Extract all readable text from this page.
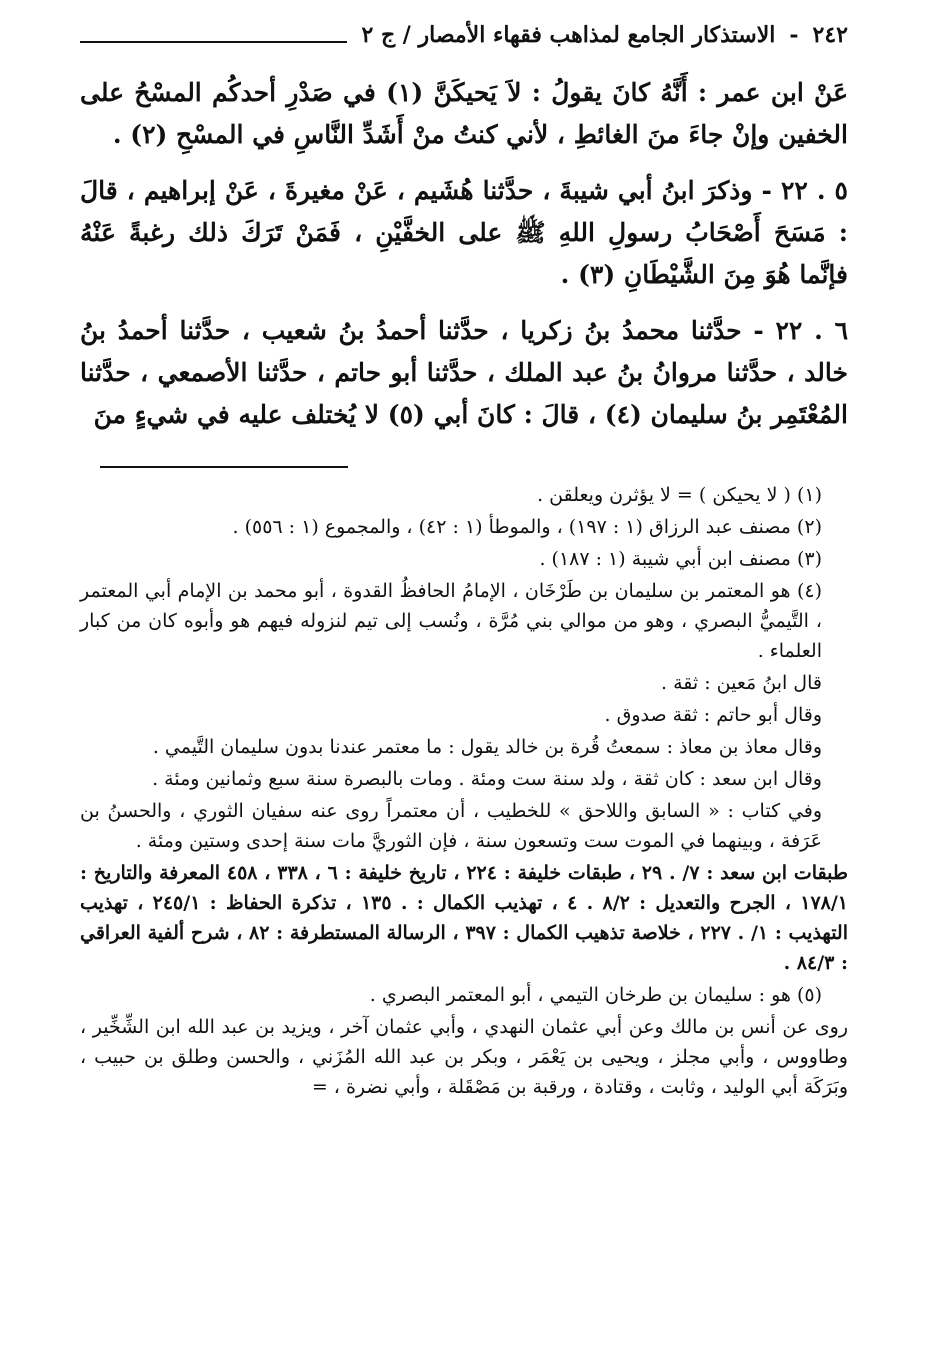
٢٤٢
-
الاستذكار الجامع لمذاهب فقهاء الأمصار / ج ٢

عَنْ ابن عمر : أَنَّهُ كانَ يقولُ : لاَ يَحيكَنَّ (١) في صَدْرِ أحدكُم المسْحُ على الخفين وإنْ جاءَ منَ الغائطِ ، لأني كنتُ منْ أَشَدِّ النَّاسِ في المسْحِ (٢) .

٥ . ٢٢ - وذكرَ ابنُ أبي شيبةَ ، حدَّثنا هُشَيم ، عَنْ مغيرةَ ، عَنْ إبراهيم ، قالَ : مَسَحَ أَصْحَابُ رسولِ اللهِ ﷺ على الخفَّيْنِ ، فَمَنْ تَرَكَ ذلك رغبةً عَنْهُ فإنَّما هُوَ مِنَ الشَّيْطَانِ (٣) .

٦ . ٢٢ - حدَّثنا محمدُ بنُ زكريا ، حدَّثنا أحمدُ بنُ شعيب ، حدَّثنا أحمدُ بنُ خالد ، حدَّثنا مروانُ بنُ عبد الملك ، حدَّثنا أبو حاتم ، حدَّثنا الأصمعي ، حدَّثنا المُعْتَمِر بنُ سليمان (٤) ، قالَ : كانَ أبي (٥) لا يُختلف عليه في شيءٍ منَ

(١) ( لا يحيكن ) = لا يؤثرن ويعلقن .

(٢) مصنف عبد الرزاق (١ : ١٩٧) ، والموطأ (١ : ٤٢) ، والمجموع (١ : ٥٥٦) .

(٣) مصنف ابن أبي شيبة (١ : ١٨٧) .

(٤) هو المعتمر بن سليمان بن طَرْخَان ، الإمامُ الحافظُ القدوة ، أبو محمد بن الإمام أبي المعتمر ، التَّيميُّ البصري ، وهو من موالي بني مُرَّة ، ونُسب إلى تيم لنزوله فيهم هو وأبوه كان من كبار العلماء .

قال ابنُ مَعين : ثقة .

وقال أبو حاتم : ثقة صدوق .

وقال معاذ بن معاذ : سمعتُ قُرة بن خالد يقول : ما معتمر عندنا بدون سليمان التَّيمي .

وقال ابن سعد : كان ثقة ، ولد سنة ست ومئة . ومات بالبصرة سنة سبع وثمانين ومئة .

وفي كتاب : « السابق واللاحق » للخطيب ، أن معتمراً روى عنه سفيان الثوري ، والحسنُ بن عَرَفة ، وبينهما في الموت ست وتسعون سنة ، فإن الثوريَّ مات سنة إحدى وستين ومئة .

طبقات ابن سعد : ٧/ . ٢٩ ، طبقات خليفة : ٢٢٤ ، تاريخ خليفة : ٦ ، ٣٣٨ ، ٤٥٨ المعرفة والتاريخ : ١٧٨/١ ، الجرح والتعديل : ٨/٢ . ٤ ، تهذيب الكمال : . ١٣٥ ، تذكرة الحفاظ : ٢٤٥/١ ، تهذيب التهذيب : ١/ . ٢٢٧ ، خلاصة تذهيب الكمال : ٣٩٧ ، الرسالة المستطرفة : ٨٢ ، شرح ألفية العراقي : ٨٤/٣ .

(٥) هو : سليمان بن طرخان التيمي ، أبو المعتمر البصري .

روى عن أنس بن مالك وعن أبي عثمان النهدي ، وأبي عثمان آخر ، ويزيد بن عبد الله ابن الشِّخِّير ، وطاووس ، وأبي مجلز ، ويحيى بن يَعْمَر ، وبكر بن عبد الله المُزَني ، والحسن وطلق بن حبيب ، وبَرَكَة أبي الوليد ، وثابت ، وقتادة ، ورقبة بن مَصْقَلة ، وأبي نضرة ، =
